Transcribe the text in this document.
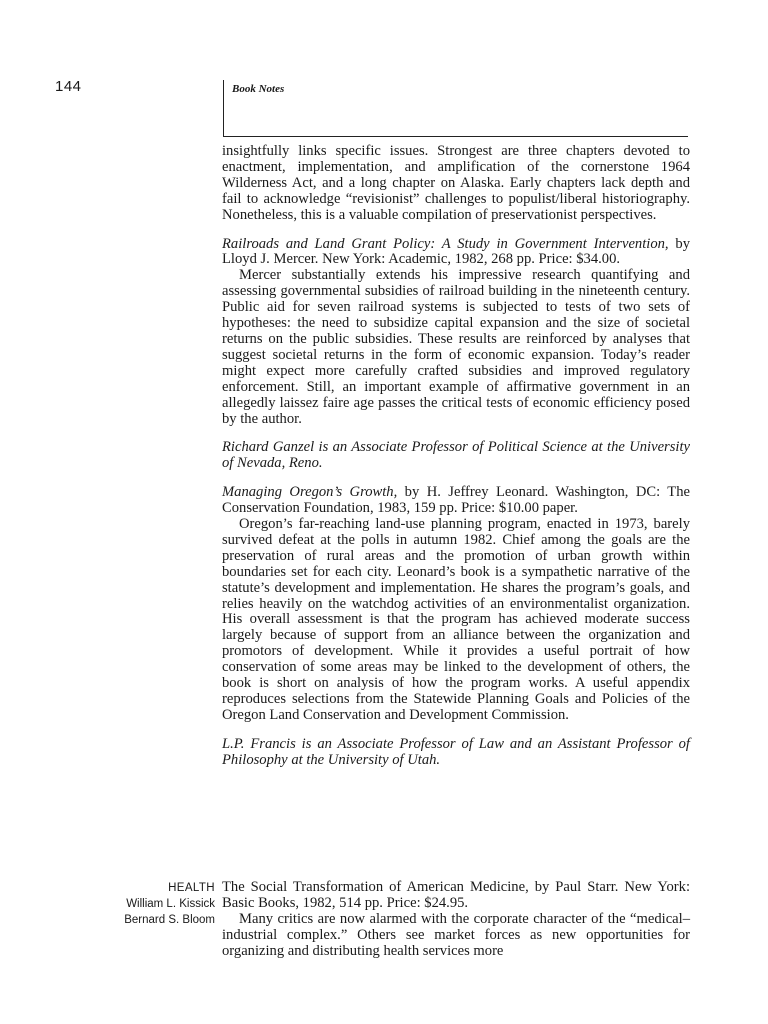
144	Book Notes

insightfully links specific issues. Strongest are three chapters devoted to enactment, implementation, and amplification of the cornerstone 1964 Wilderness Act, and a long chapter on Alaska. Early chapters lack depth and fail to acknowledge “revisionist” challenges to populist/liberal historiography. Nonetheless, this is a valuable compilation of preservationist perspectives.

Railroads and Land Grant Policy: A Study in Government Intervention, by Lloyd J. Mercer. New York: Academic, 1982, 268 pp. Price: $34.00.

Mercer substantially extends his impressive research quantifying and assessing governmental subsidies of railroad building in the nineteenth century. Public aid for seven railroad systems is subjected to tests of two sets of hypotheses: the need to subsidize capital expansion and the size of societal returns on the public subsidies. These results are reinforced by analyses that suggest societal returns in the form of economic expansion. Today’s reader might expect more carefully crafted subsidies and improved regulatory enforcement. Still, an important example of affirmative government in an allegedly laissez faire age passes the critical tests of economic efficiency posed by the author.

Richard Ganzel is an Associate Professor of Political Science at the University of Nevada, Reno.

Managing Oregon’s Growth, by H. Jeffrey Leonard. Washington, DC: The Conservation Foundation, 1983, 159 pp. Price: $10.00 paper.

Oregon’s far-reaching land-use planning program, enacted in 1973, barely survived defeat at the polls in autumn 1982. Chief among the goals are the preservation of rural areas and the promotion of urban growth within boundaries set for each city. Leonard’s book is a sympathetic narrative of the statute’s development and implementation. He shares the program’s goals, and relies heavily on the watchdog activities of an environmentalist organization. His overall assessment is that the program has achieved moderate success largely because of support from an alliance between the organization and promotors of development. While it provides a useful portrait of how conservation of some areas may be linked to the development of others, the book is short on analysis of how the program works. A useful appendix reproduces selections from the Statewide Planning Goals and Policies of the Oregon Land Conservation and Development Commission.

L.P. Francis is an Associate Professor of Law and an Assistant Professor of Philosophy at the University of Utah.

HEALTH
William L. Kissick
Bernard S. Bloom

The Social Transformation of American Medicine, by Paul Starr. New York: Basic Books, 1982, 514 pp. Price: $24.95.

Many critics are now alarmed with the corporate character of the “medical–industrial complex.” Others see market forces as new opportunities for organizing and distributing health services more
